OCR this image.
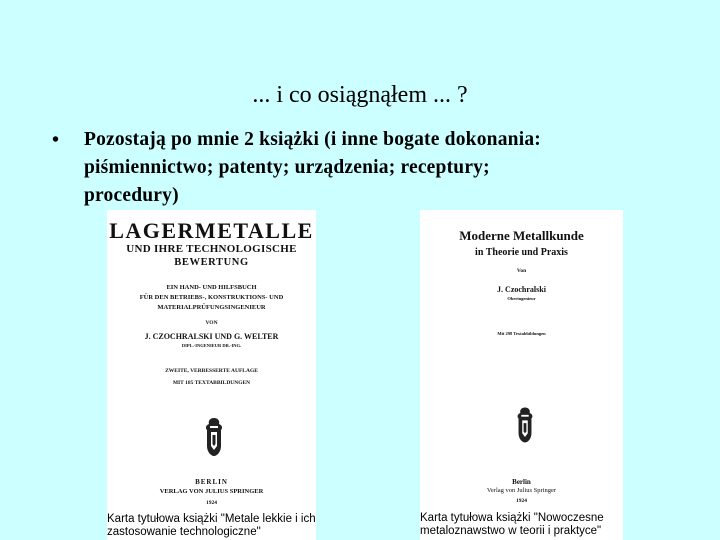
... i co osiągnąłem ... ?
•	Pozostają po mnie 2 książki (i inne bogate dokonania:
piśmiennictwo; patenty; urządzenia; receptury;
procedury)
LAGERMETALLE
UND IHRE TECHNOLOGISCHE
BEWERTUNG
EIN HAND- UND HILFSBUCH
FÜR DEN BETRIEBS-, KONSTRUKTIONS- UND
MATERIALPRÜFUNGSINGENIEUR
VON
J. CZOCHRALSKI UND G. WELTER
DIPL.-INGENIEUR DR.-ING.
ZWEITE, VERBESSERTE AUFLAGE
MIT 185 TEXTABBILDUNGEN
BERLIN
VERLAG VON JULIUS SPRINGER
1924
Moderne Metallkunde
in Theorie und Praxis
Von
J. Czochralski
Oberingenieur
Mit 298 Textabbildungen
Berlin
Verlag von Julius Springer
1924
Karta tytułowa książki "Metale lekkie i ich
zastosowanie technologiczne"
Karta tytułowa książki "Nowoczesne
metaloznawstwo w teorii i praktyce"
